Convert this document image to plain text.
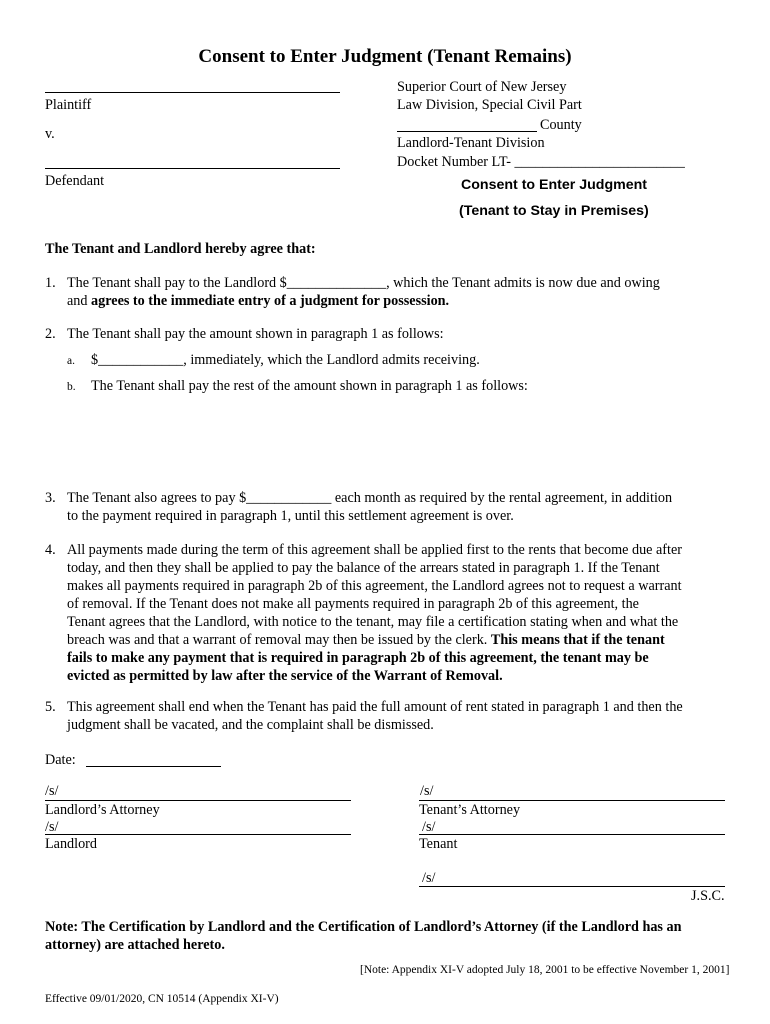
Consent to Enter Judgment (Tenant Remains)
Plaintiff
v.
Defendant
Superior Court of New Jersey
Law Division, Special Civil Part
County
Landlord-Tenant Division
Docket Number LT- ________________________
Consent to Enter Judgment
(Tenant to Stay in Premises)
The Tenant and Landlord hereby agree that:
1. The Tenant shall pay to the Landlord $______________, which the Tenant admits is now due and owing
and agrees to the immediate entry of a judgment for possession.
2. The Tenant shall pay the amount shown in paragraph 1 as follows:
a. $____________, immediately, which the Landlord admits receiving.
b. The Tenant shall pay the rest of the amount shown in paragraph 1 as follows:
3. The Tenant also agrees to pay $____________ each month as required by the rental agreement, in addition
to the payment required in paragraph 1, until this settlement agreement is over.
4. All payments made during the term of this agreement shall be applied first to the rents that become due after
today, and then they shall be applied to pay the balance of the arrears stated in paragraph 1. If the Tenant
makes all payments required in paragraph 2b of this agreement, the Landlord agrees not to request a warrant
of removal. If the Tenant does not make all payments required in paragraph 2b of this agreement, the
Tenant agrees that the Landlord, with notice to the tenant, may file a certification stating when and what the
breach was and that a warrant of removal may then be issued by the clerk. This means that if the tenant
fails to make any payment that is required in paragraph 2b of this agreement, the tenant may be
evicted as permitted by law after the service of the Warrant of Removal.
5. This agreement shall end when the Tenant has paid the full amount of rent stated in paragraph 1 and then the
judgment shall be vacated, and the complaint shall be dismissed.
Date:
/s/
Landlord’s Attorney
/s/
Landlord
/s/
Tenant’s Attorney
/s/
Tenant
/s/
J.S.C.
Note: The Certification by Landlord and the Certification of Landlord’s Attorney (if the Landlord has an
attorney) are attached hereto.
[Note: Appendix XI-V adopted July 18, 2001 to be effective November 1, 2001]
Effective 09/01/2020, CN 10514 (Appendix XI-V)
